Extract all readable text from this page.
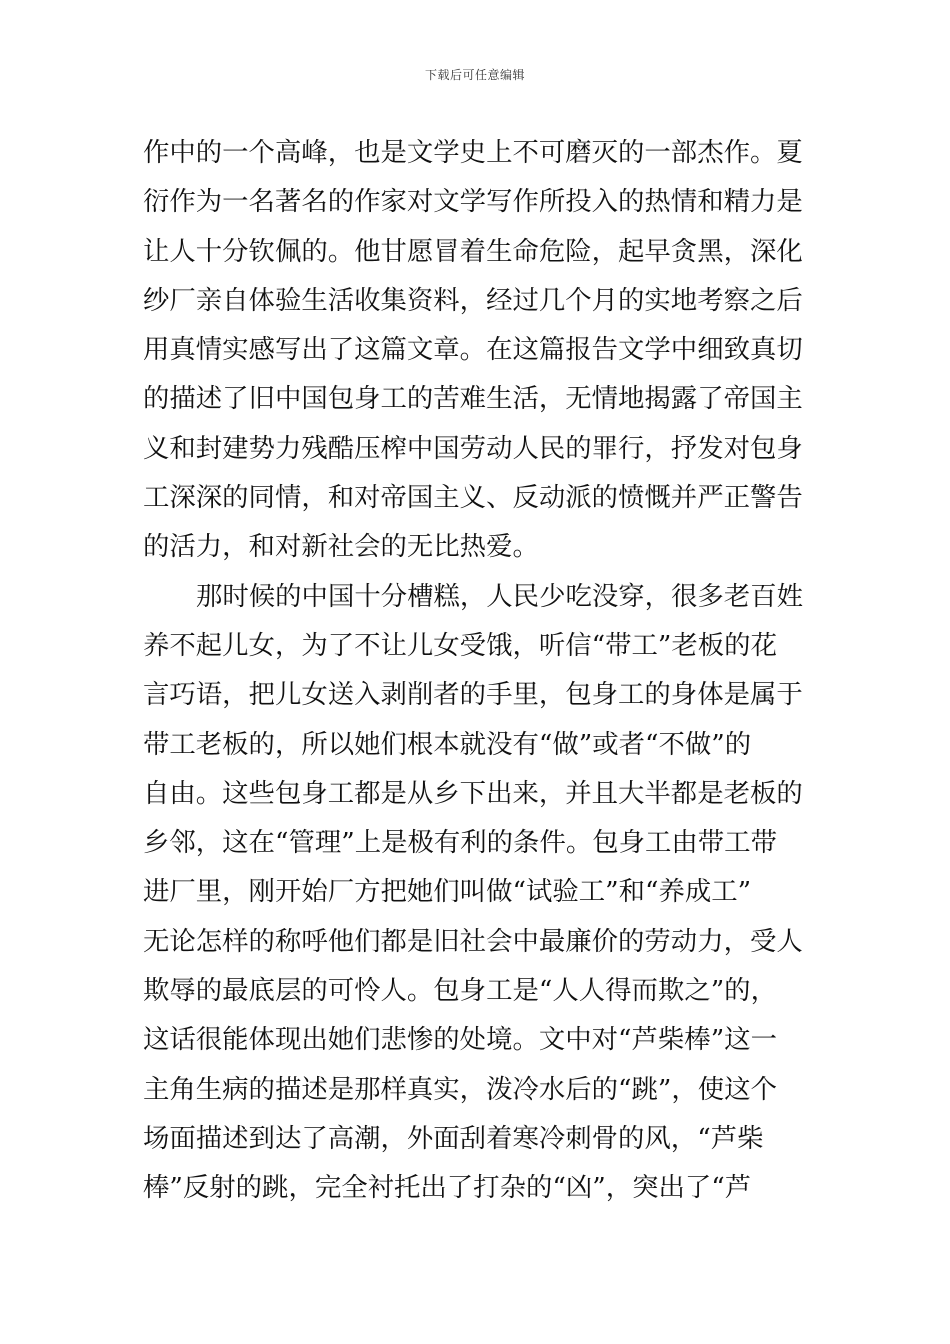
下载后可任意编辑
作中的一个高峰，也是文学史上不可磨灭的一部杰作。夏
衍作为一名著名的作家对文学写作所投入的热情和精力是
让人十分钦佩的。他甘愿冒着生命危险，起早贪黑，深化
纱厂亲自体验生活收集资料，经过几个月的实地考察之后
用真情实感写出了这篇文章。在这篇报告文学中细致真切
的描述了旧中国包身工的苦难生活，无情地揭露了帝国主
义和封建势力残酷压榨中国劳动人民的罪行，抒发对包身
工深深的同情，和对帝国主义、反动派的愤慨并严正警告
的活力，和对新社会的无比热爱。
那时候的中国十分槽糕，人民少吃没穿，很多老百姓
养不起儿女，为了不让儿女受饿，听信“带工”老板的花
言巧语，把儿女送入剥削者的手里，包身工的身体是属于
带工老板的，所以她们根本就没有“做”或者“不做”的
自由。这些包身工都是从乡下出来，并且大半都是老板的
乡邻，这在“管理”上是极有利的条件。包身工由带工带
进厂里，刚开始厂方把她们叫做“试验工”和“养成工”
无论怎样的称呼他们都是旧社会中最廉价的劳动力，受人
欺辱的最底层的可怜人。包身工是“人人得而欺之”的，
这话很能体现出她们悲惨的处境。文中对“芦柴棒”这一
主角生病的描述是那样真实，泼冷水后的“跳”，使这个
场面描述到达了高潮，外面刮着寒冷刺骨的风，“芦柴
棒”反射的跳，完全衬托出了打杂的“凶”，突出了“芦
